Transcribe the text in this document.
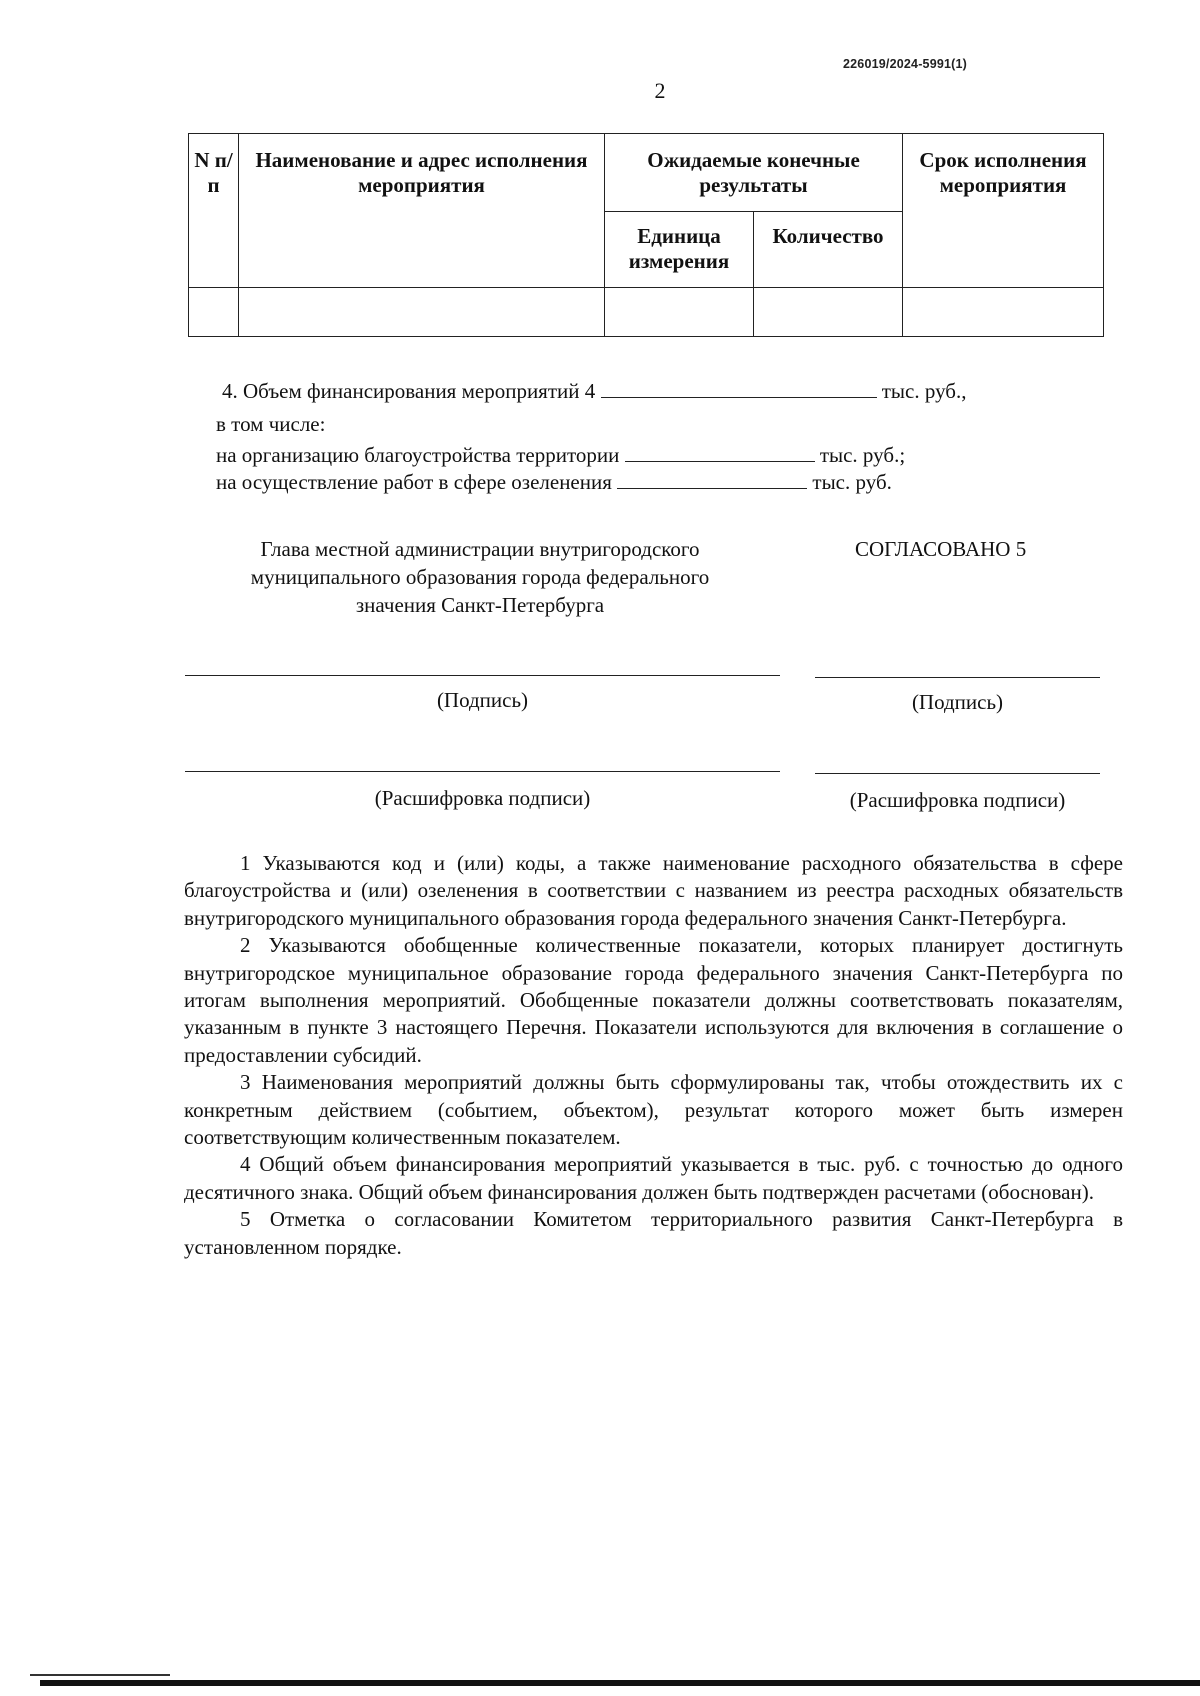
226019/2024-5991(1)
2
N п/п	Наименование и адрес исполнения мероприятия	Ожидаемые конечные результаты		Срок исполнения мероприятия
		Единица измерения	Количество	

4. Объем финансирования мероприятий 4	тыс. руб.,
в том числе:
на организацию благоустройства территории	тыс. руб.;
на осуществление работ в сфере озеленения	тыс. руб.
Глава местной администрации внутригородского
муниципального образования города федерального
значения Санкт-Петербурга
СОГЛАСОВАНО 5
(Подпись)	(Подпись)
(Расшифровка подписи)	(Расшифровка подписи)

1 Указываются код и (или) коды, а также наименование расходного обязательства в сфере благоустройства и (или) озеленения в соответствии с названием из реестра расходных обязательств внутригородского муниципального образования города федерального значения Санкт-Петербурга.

2 Указываются обобщенные количественные показатели, которых планирует достигнуть внутригородское муниципальное образование города федерального значения Санкт-Петербурга по итогам выполнения мероприятий. Обобщенные показатели должны соответствовать показателям, указанным в пункте 3 настоящего Перечня. Показатели используются для включения в соглашение о предоставлении субсидий.

3 Наименования мероприятий должны быть сформулированы так, чтобы отождествить их с конкретным действием (событием, объектом), результат которого может быть измерен соответствующим количественным показателем.

4 Общий объем финансирования мероприятий указывается в тыс. руб. с точностью до одного десятичного знака. Общий объем финансирования должен быть подтвержден расчетами (обоснован).

5 Отметка о согласовании Комитетом территориального развития Санкт-Петербурга в установленном порядке.
